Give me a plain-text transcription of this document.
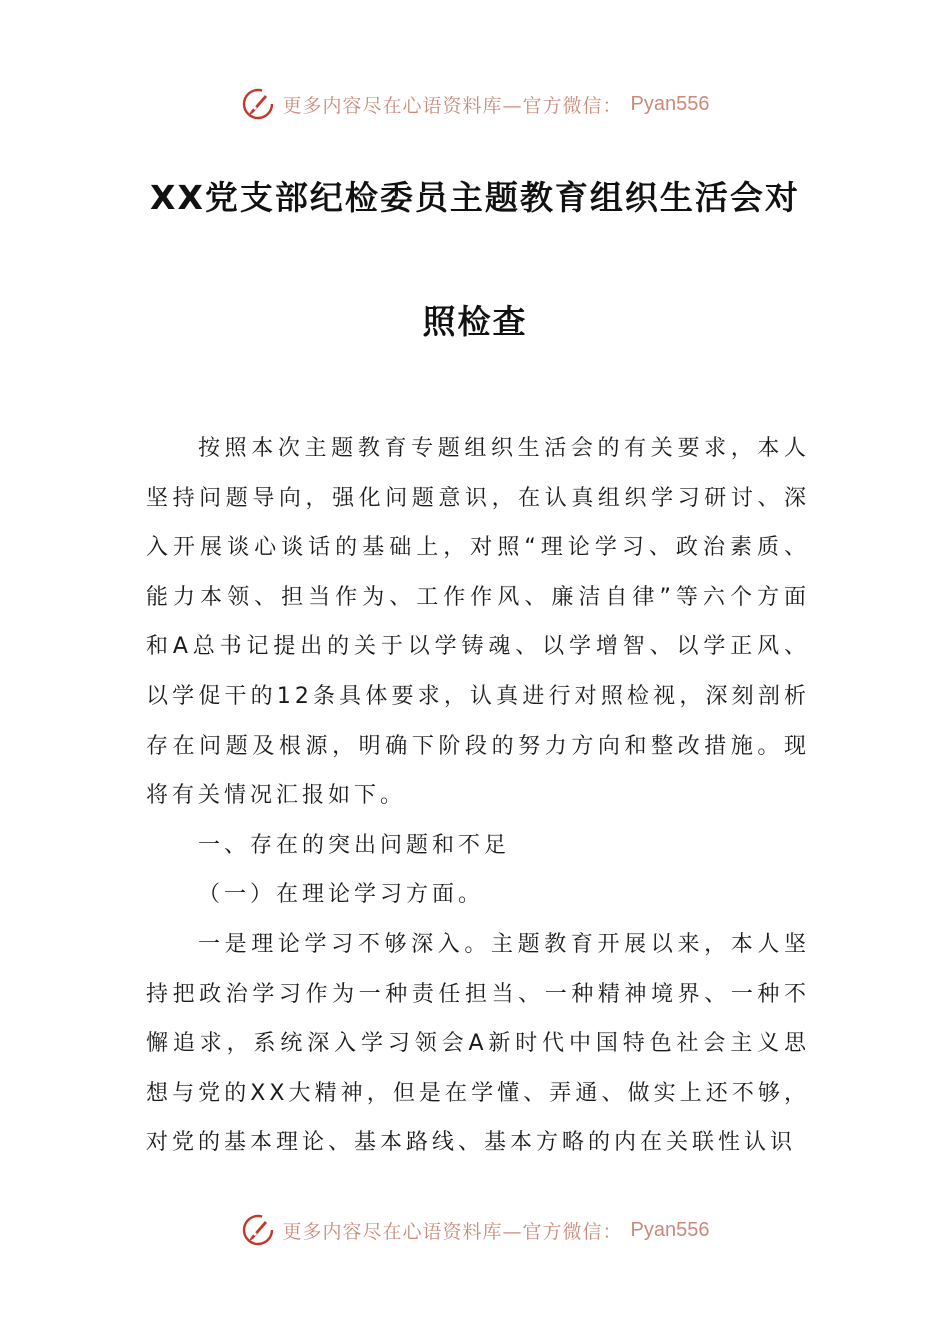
更多内容尽在心语资料库—官方微信： Pyan556
XX党支部纪检委员主题教育组织生活会对
照检查

按照本次主题教育专题组织生活会的有关要求，本人坚持问题导向，强化问题意识，在认真组织学习研讨、深入开展谈心谈话的基础上，对照“理论学习、政治素质、能力本领、担当作为、工作作风、廉洁自律”等六个方面和A总书记提出的关于以学铸魂、以学增智、以学正风、以学促干的12条具体要求，认真进行对照检视，深刻剖析存在问题及根源，明确下阶段的努力方向和整改措施。现将有关情况汇报如下。

一、存在的突出问题和不足

（一）在理论学习方面。

一是理论学习不够深入。主题教育开展以来，本人坚持把政治学习作为一种责任担当、一种精神境界、一种不懈追求，系统深入学习领会A新时代中国特色社会主义思想与党的XX大精神，但是在学懂、弄通、做实上还不够，对党的基本理论、基本路线、基本方略的内在关联性认识

更多内容尽在心语资料库—官方微信： Pyan556
